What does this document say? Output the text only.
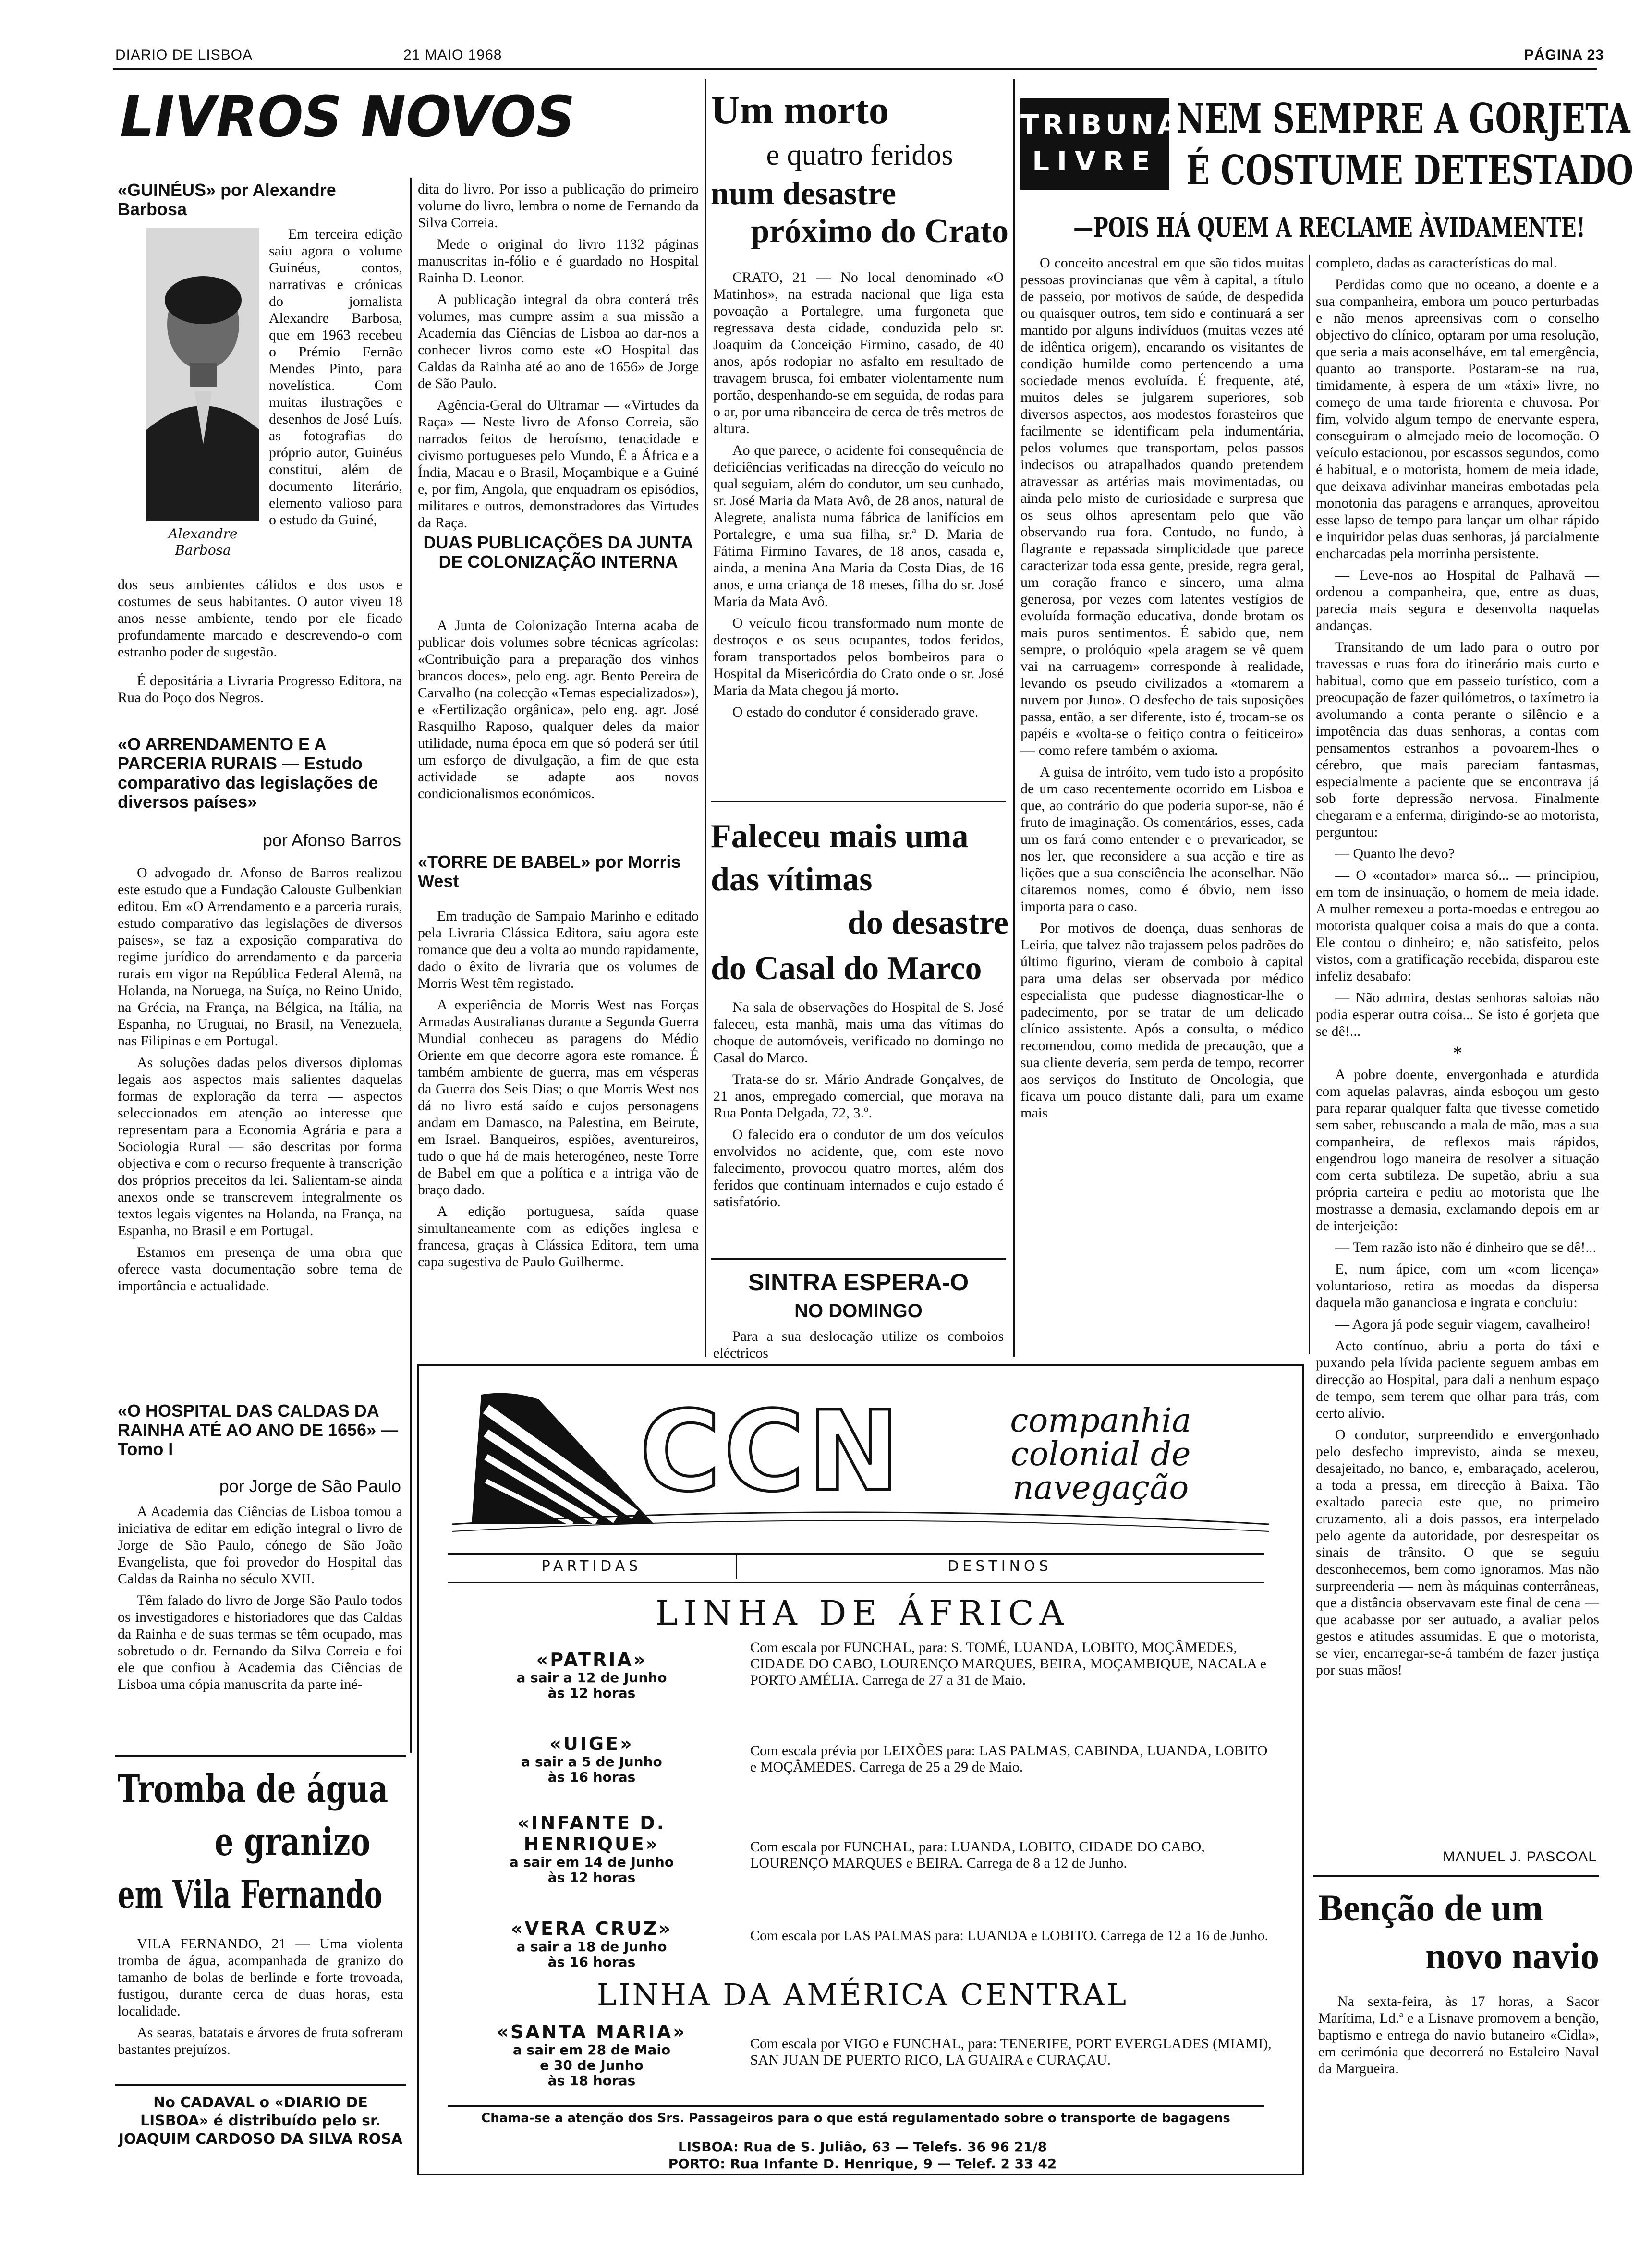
DIARIO DE LISBOA	21 MAIO 1968	PÁGINA 23
LIVROS NOVOS
«GUINÉUS» por Alexandre Barbosa
Alexandre
Barbosa

Em terceira edição saiu agora o volume Guinéus, contos, narrativas e crónicas do jornalista Alexandre Barbosa, que em 1963 recebeu o Prémio Fernão Mendes Pinto, para novelística. Com muitas ilustrações e desenhos de José Luís, as fotografias do próprio autor, Guinéus constitui, além de documento literário, elemento valioso para o estudo da Guiné,

dos seus ambientes cálidos e dos usos e costumes de seus habitantes. O autor viveu 18 anos nesse ambiente, tendo por ele ficado profundamente marcado e descrevendo-o com estranho poder de sugestão.

É depositária a Livraria Progresso Editora, na Rua do Poço dos Negros.

«O ARRENDAMENTO E A PARCERIA RURAIS — Estudo comparativo das legislações de diversos países»
por Afonso Barros

O advogado dr. Afonso de Barros realizou este estudo que a Fundação Calouste Gulbenkian editou. Em «O Arrendamento e a parceria rurais, estudo comparativo das legislações de diversos países», se faz a exposição comparativa do regime jurídico do arrendamento e da parceria rurais em vigor na República Federal Alemã, na Holanda, na Noruega, na Suíça, no Reino Unido, na Grécia, na França, na Bélgica, na Itália, na Espanha, no Uruguai, no Brasil, na Venezuela, nas Filipinas e em Portugal.

As soluções dadas pelos diversos diplomas legais aos aspectos mais salientes daquelas formas de exploração da terra — aspectos seleccionados em atenção ao interesse que representam para a Economia Agrária e para a Sociologia Rural — são descritas por forma objectiva e com o recurso frequente à transcrição dos próprios preceitos da lei. Salientam-se ainda anexos onde se transcrevem integralmente os textos legais vigentes na Holanda, na França, na Espanha, no Brasil e em Portugal.

Estamos em presença de uma obra que oferece vasta documentação sobre tema de importância e actualidade.

«O HOSPITAL DAS CALDAS DA RAINHA ATÉ AO ANO DE 1656» — Tomo I
por Jorge de São Paulo

A Academia das Ciências de Lisboa tomou a iniciativa de editar em edição integral o livro de Jorge de São Paulo, cónego de São João Evangelista, que foi provedor do Hospital das Caldas da Rainha no século XVII.

Têm falado do livro de Jorge São Paulo todos os investigadores e historiadores que das Caldas da Rainha e de suas termas se têm ocupado, mas sobretudo o dr. Fernando da Silva Correia e foi ele que confiou à Academia das Ciências de Lisboa uma cópia manuscrita da parte iné-

dita do livro. Por isso a publicação do primeiro volume do livro, lembra o nome de Fernando da Silva Correia.

Mede o original do livro 1132 páginas manuscritas in-fólio e é guardado no Hospital Rainha D. Leonor.

A publicação integral da obra conterá três volumes, mas cumpre assim a sua missão a Academia das Ciências de Lisboa ao dar-nos a conhecer livros como este «O Hospital das Caldas da Rainha até ao ano de 1656» de Jorge de São Paulo.

Agência-Geral do Ultramar — «Virtudes da Raça» — Neste livro de Afonso Correia, são narrados feitos de heroísmo, tenacidade e civismo portugueses pelo Mundo, É a África e a Índia, Macau e o Brasil, Moçambique e a Guiné e, por fim, Angola, que enquadram os episódios, militares e outros, demonstradores das Virtudes da Raça.

DUAS PUBLICAÇÕES DA JUNTA DE COLONIZAÇÃO INTERNA

A Junta de Colonização Interna acaba de publicar dois volumes sobre técnicas agrícolas: «Contribuição para a preparação dos vinhos brancos doces», pelo eng. agr. Bento Pereira de Carvalho (na colecção «Temas especializados»), e «Fertilização orgânica», pelo eng. agr. José Rasquilho Raposo, qualquer deles da maior utilidade, numa época em que só poderá ser útil um esforço de divulgação, a fim de que esta actividade se adapte aos novos condicionalismos económicos.

«TORRE DE BABEL» por Morris West

Em tradução de Sampaio Marinho e editado pela Livraria Clássica Editora, saiu agora este romance que deu a volta ao mundo rapidamente, dado o êxito de livraria que os volumes de Morris West têm registado.

A experiência de Morris West nas Forças Armadas Australianas durante a Segunda Guerra Mundial conheceu as paragens do Médio Oriente em que decorre agora este romance. É também ambiente de guerra, mas em vésperas da Guerra dos Seis Dias; o que Morris West nos dá no livro está saído e cujos personagens andam em Damasco, na Palestina, em Beirute, em Israel. Banqueiros, espiões, aventureiros, tudo o que há de mais heterogéneo, neste Torre de Babel em que a política e a intriga vão de braço dado.

A edição portuguesa, saída quase simultaneamente com as edições inglesa e francesa, graças à Clássica Editora, tem uma capa sugestiva de Paulo Guilherme.

Um morto
e quatro feridos
num desastre
próximo do Crato

CRATO, 21 — No local denominado «O Matinhos», na estrada nacional que liga esta povoação a Portalegre, uma furgoneta que regressava desta cidade, conduzida pelo sr. Joaquim da Conceição Firmino, casado, de 40 anos, após rodopiar no asfalto em resultado de travagem brusca, foi embater violentamente num portão, despenhando-se em seguida, de rodas para o ar, por uma ribanceira de cerca de três metros de altura.

Ao que parece, o acidente foi consequência de deficiências verificadas na direcção do veículo no qual seguiam, além do condutor, um seu cunhado, sr. José Maria da Mata Avô, de 28 anos, natural de Alegrete, analista numa fábrica de lanifícios em Portalegre, e uma sua filha, sr.ª D. Maria de Fátima Firmino Tavares, de 18 anos, casada e, ainda, a menina Ana Maria da Costa Dias, de 16 anos, e uma criança de 18 meses, filha do sr. José Maria da Mata Avô.

O veículo ficou transformado num monte de destroços e os seus ocupantes, todos feridos, foram transportados pelos bombeiros para o Hospital da Misericórdia do Crato onde o sr. José Maria da Mata chegou já morto.

O estado do condutor é considerado grave.

Faleceu mais uma
das vítimas
do desastre
do Casal do Marco

Na sala de observações do Hospital de S. José faleceu, esta manhã, mais uma das vítimas do choque de automóveis, verificado no domingo no Casal do Marco.

Trata-se do sr. Mário Andrade Gonçalves, de 21 anos, empregado comercial, que morava na Rua Ponta Delgada, 72, 3.º.

O falecido era o condutor de um dos veículos envolvidos no acidente, que, com este novo falecimento, provocou quatro mortes, além dos feridos que continuam internados e cujo estado é satisfatório.

SINTRA ESPERA-O
NO DOMINGO

Para a sua deslocação utilize os comboios eléctricos

TRIBUNA
LIVRE
NEM SEMPRE A GORJETA
É COSTUME DETESTADO
—POIS HÁ QUEM A RECLAME ÀVIDAMENTE!

O conceito ancestral em que são tidos muitas pessoas provincianas que vêm à capital, a título de passeio, por motivos de saúde, de despedida ou quaisquer outros, tem sido e continuará a ser mantido por alguns indivíduos (muitas vezes até de idêntica origem), encarando os visitantes de condição humilde como pertencendo a uma sociedade menos evoluída. É frequente, até, muitos deles se julgarem superiores, sob diversos aspectos, aos modestos forasteiros que facilmente se identificam pela indumentária, pelos volumes que transportam, pelos passos indecisos ou atrapalhados quando pretendem atravessar as artérias mais movimentadas, ou ainda pelo misto de curiosidade e surpresa que os seus olhos apresentam pelo que vão observando rua fora. Contudo, no fundo, à flagrante e repassada simplicidade que parece caracterizar toda essa gente, preside, regra geral, um coração franco e sincero, uma alma generosa, por vezes com latentes vestígios de evoluída formação educativa, donde brotam os mais puros sentimentos. É sabido que, nem sempre, o prolóquio «pela aragem se vê quem vai na carruagem» corresponde à realidade, levando os pseudo civilizados a «tomarem a nuvem por Juno». O desfecho de tais suposições passa, então, a ser diferente, isto é, trocam-se os papéis e «volta-se o feitiço contra o feiticeiro» — como refere também o axioma.

A guisa de intróito, vem tudo isto a propósito de um caso recentemente ocorrido em Lisboa e que, ao contrário do que poderia supor-se, não é fruto de imaginação. Os comentários, esses, cada um os fará como entender e o prevaricador, se nos ler, que reconsidere a sua acção e tire as lições que a sua consciência lhe aconselhar. Não citaremos nomes, como é óbvio, nem isso importa para o caso.

Por motivos de doença, duas senhoras de Leiria, que talvez não trajassem pelos padrões do último figurino, vieram de comboio à capital para uma delas ser observada por médico especialista que pudesse diagnosticar-lhe o padecimento, por se tratar de um delicado clínico assistente. Após a consulta, o médico recomendou, como medida de precaução, que a sua cliente deveria, sem perda de tempo, recorrer aos serviços do Instituto de Oncologia, que ficava um pouco distante dali, para um exame mais

completo, dadas as características do mal.

Perdidas como que no oceano, a doente e a sua companheira, embora um pouco perturbadas e não menos apreensivas com o conselho objectivo do clínico, optaram por uma resolução, que seria a mais aconselháve, em tal emergência, quanto ao transporte. Postaram-se na rua, timidamente, à espera de um «táxi» livre, no começo de uma tarde friorenta e chuvosa. Por fim, volvido algum tempo de enervante espera, conseguiram o almejado meio de locomoção. O veículo estacionou, por escassos segundos, como é habitual, e o motorista, homem de meia idade, que deixava adivinhar maneiras embotadas pela monotonia das paragens e arranques, aproveitou esse lapso de tempo para lançar um olhar rápido e inquiridor pelas duas senhoras, já parcialmente encharcadas pela morrinha persistente.

— Leve-nos ao Hospital de Palhavã — ordenou a companheira, que, entre as duas, parecia mais segura e desenvolta naquelas andanças.

Transitando de um lado para o outro por travessas e ruas fora do itinerário mais curto e habitual, como que em passeio turístico, com a preocupação de fazer quilómetros, o taxímetro ia avolumando a conta perante o silêncio e a impotência das duas senhoras, a contas com pensamentos estranhos a povoarem-lhes o cérebro, que mais pareciam fantasmas, especialmente a paciente que se encontrava já sob forte depressão nervosa. Finalmente chegaram e a enferma, dirigindo-se ao motorista, perguntou:

— Quanto lhe devo?

— O «contador» marca só... — principiou, em tom de insinuação, o homem de meia idade. A mulher remexeu a porta-moedas e entregou ao motorista qualquer coisa a mais do que a conta. Ele contou o dinheiro; e, não satisfeito, pelos vistos, com a gratificação recebida, disparou este infeliz desabafo:

— Não admira, destas senhoras saloias não podia esperar outra coisa... Se isto é gorjeta que se dê!...

*

A pobre doente, envergonhada e aturdida com aquelas palavras, ainda esboçou um gesto para reparar qualquer falta que tivesse cometido sem saber, rebuscando a mala de mão, mas a sua companheira, de reflexos mais rápidos, engendrou logo maneira de resolver a situação com certa subtileza. De supetão, abriu a sua própria carteira e pediu ao motorista que lhe mostrasse a demasia, exclamando depois em ar de interjeição:

— Tem razão isto não é dinheiro que se dê!...

E, num ápice, com um «com licença» voluntarioso, retira as moedas da dispersa daquela mão gananciosa e ingrata e concluiu:

— Agora já pode seguir viagem, cavalheiro!

Acto contínuo, abriu a porta do táxi e puxando pela lívida paciente seguem ambas em direcção ao Hospital, para dali a nenhum espaço de tempo, sem terem que olhar para trás, com certo alívio.

O condutor, surpreendido e envergonhado pelo desfecho imprevisto, ainda se mexeu, desajeitado, no banco, e, embaraçado, acelerou, a toda a pressa, em direcção à Baixa. Tão exaltado parecia este que, no primeiro cruzamento, ali a dois passos, era interpelado pelo agente da autoridade, por desrespeitar os sinais de trânsito. O que se seguiu desconhecemos, bem como ignoramos. Mas não surpreenderia — nem às máquinas conterrâneas, que a distância observavam este final de cena — que acabasse por ser autuado, a avaliar pelos gestos e atitudes assumidas. E que o motorista, se vier, encarregar-se-á também de fazer justiça por suas mãos!

MANUEL J. PASCOAL
Benção de um
novo navio

Na sexta-feira, às 17 horas, a Sacor Marítima, Ld.ª e a Lisnave promovem a benção, baptismo e entrega do navio butaneiro «Cidla», em cerimónia que decorrerá no Estaleiro Naval da Margueira.

Tromba de água
e granizo
em Vila Fernando

VILA FERNANDO, 21 — Uma violenta tromba de água, acompanhada de granizo do tamanho de bolas de berlinde e forte trovoada, fustigou, durante cerca de duas horas, esta localidade.

As searas, batatais e árvores de fruta sofreram bastantes prejuízos.

No CADAVAL o «DIARIO DE LISBOA» é distribuído pelo sr. JOAQUIM CARDOSO DA SILVA ROSA
CCN	companhia
colonial de
navegação
PARTIDAS	DESTINOS
LINHA DE ÁFRICA
«PATRIA»
a sair a 12 de Junho
às 12 horas
Com escala por FUNCHAL, para: S. TOMÉ, LUANDA, LOBITO, MOÇÂMEDES, CIDADE DO CABO, LOURENÇO MARQUES, BEIRA, MOÇAMBIQUE, NACALA e PORTO AMÉLIA. Carrega de 27 a 31 de Maio.
«UIGE»
a sair a 5 de Junho
às 16 horas
Com escala prévia por LEIXÕES para: LAS PALMAS, CABINDA, LUANDA, LOBITO e MOÇÂMEDES. Carrega de 25 a 29 de Maio.
«INFANTE D. HENRIQUE»
a sair em 14 de Junho
às 12 horas
Com escala por FUNCHAL, para: LUANDA, LOBITO, CIDADE DO CABO, LOURENÇO MARQUES e BEIRA. Carrega de 8 a 12 de Junho.
«VERA CRUZ»
a sair a 18 de Junho
às 16 horas
Com escala por LAS PALMAS para: LUANDA e LOBITO. Carrega de 12 a 16 de Junho.
LINHA DA AMÉRICA CENTRAL
«SANTA MARIA»
a sair em 28 de Maio
e 30 de Junho
às 18 horas
Com escala por VIGO e FUNCHAL, para: TENERIFE, PORT EVERGLADES (MIAMI), SAN JUAN DE PUERTO RICO, LA GUAIRA e CURAÇAU.
Chama-se a atenção dos Srs. Passageiros para o que está regulamentado sobre o transporte de bagagens
LISBOA: Rua de S. Julião, 63 — Telefs. 36 96 21/8
PORTO: Rua Infante D. Henrique, 9 — Telef. 2 33 42
